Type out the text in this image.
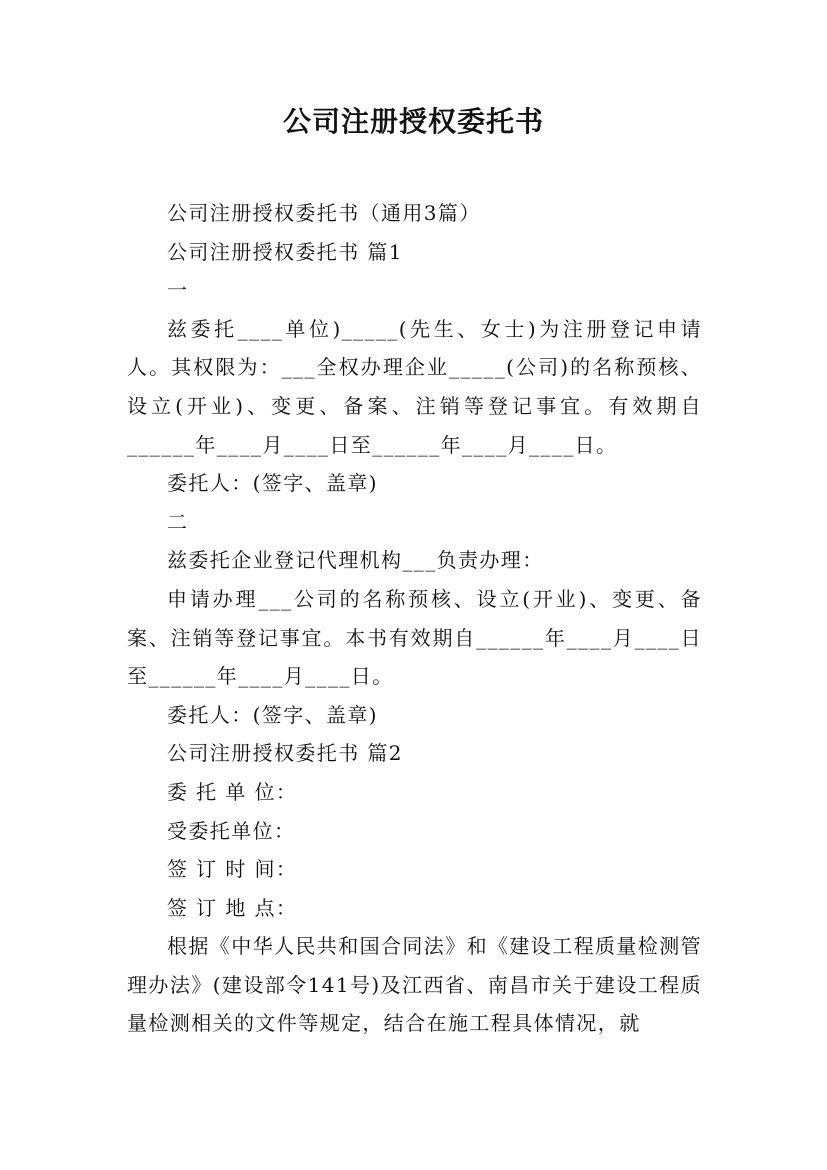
公司注册授权委托书

公司注册授权委托书（通用3篇）

公司注册授权委托书 篇1

一

兹委托____单位)_____(先生、女士)为注册登记申请人。其权限为：___全权办理企业_____(公司)的名称预核、设立(开业)、变更、备案、注销等登记事宜。有效期自______年____月____日至______年____月____日。

委托人：(签字、盖章)

二

兹委托企业登记代理机构___负责办理：

申请办理___公司的名称预核、设立(开业)、变更、备案、注销等登记事宜。本书有效期自______年____月____日至______年____月____日。

委托人：(签字、盖章)

公司注册授权委托书 篇2

委 托 单 位：

受委托单位：

签 订 时 间：

签 订 地 点：

根据《中华人民共和国合同法》和《建设工程质量检测管理办法》(建设部令141号)及江西省、南昌市关于建设工程质量检测相关的文件等规定，结合在施工程具体情况，就
